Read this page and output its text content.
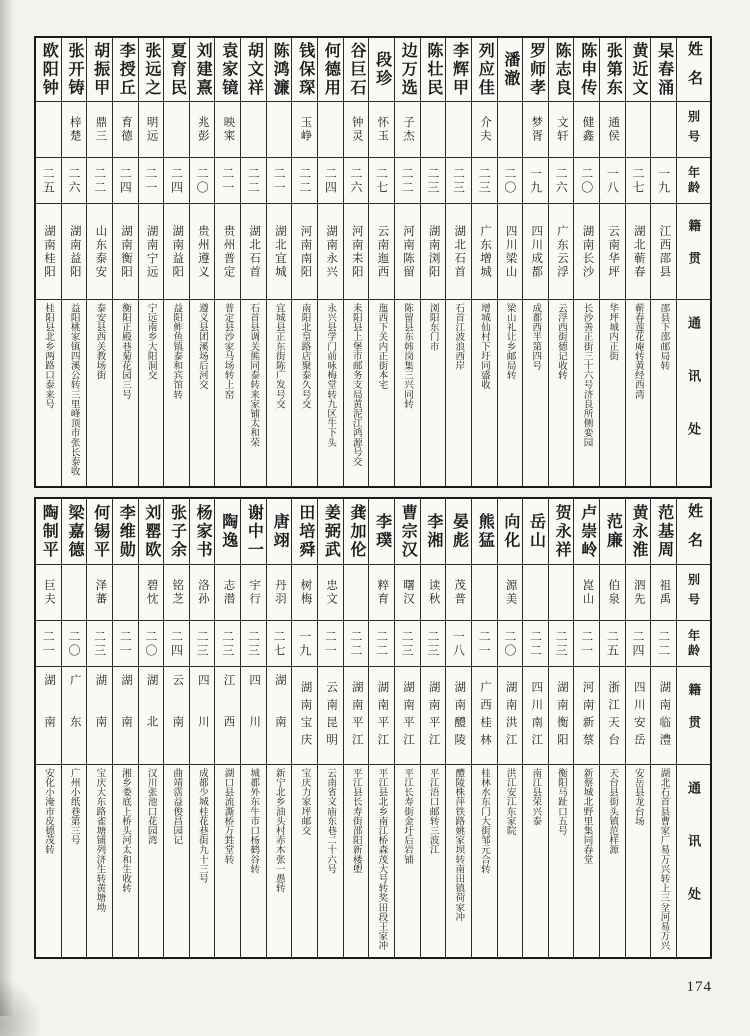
姓名
别号
年龄
籍贯
通讯处
杲春涌
一九
江西邵县
邵县下邵邮局转
黄近文
二七
湖北蕲春
蕲春莲花庵转黄经西湾
张第东
通侯
一八
云南华坪
华坪城内正街
陈申传
健鑫
二〇
湖南长沙
长沙善正街三十六号济良所侧娈园
陈志良
文轩
二六
广东云浮
云浮西街德记收转
罗师孝
梦胥
一九
四川成都
成都西半第四号
潘澈
二〇
四川梁山
梁山礼让乡邮局转
列应佳
介夫
二三
广东增城
增城仙村下圩同盛收
李辉甲
二三
湖北石首
石首江波浪西岸
陈壮民
二三
湖南浏阳
浏阳东门市
边万选
子杰
二二
河南陈留
陈留县东韩岗集三兴同转
段珍
怀玉
二七
云南迤西
迤西下关内正街本宅
谷巨石
钟灵
二六
河南耒阳
耒阳县上堡市邮务支局黄泥江鸿源号交
何德用
二四
湖南永兴
永兴县学门前咏梅堂转九区牛下头
钱保琛
玉峥
二二
河南南阳
南阳北皇路店聚泰久号交
陈鸿濂
二一
湖北宜城
宜城县正东街陈广发号交
胡文祥
二二
湖北石首
石首县调关熊同泰转来家铺太和荣
袁家镜
映宷
二一
贵州普定
普定县沙家马场转上窑
刘建熹
兆彭
二〇
贵州遵义
遵义县团溪场后河交
夏育民
二四
湖南益阳
益阳鲊鱼镇泰和宾馆转
张远之
明远
二一
湖南宁远
宁远南乡大阳洞交
李授丘
育德
二四
湖南衡阳
衡阳正殿巷菊花园三号
胡振甲
鼎三
二二
山东泰安
泰安县西关教场街
张开铸
梓楚
二六
湖南益阳
益阳桃家镇四溪公转三里峰顶市张长泰收
欧阳钟
二五
湖南桂阳
桂阳县北乡两路口泰来号
姓名
别号
年龄
籍贯
通讯处
范基周
祖禹
二二
湖南临澧
湖北石首县曹家厂易万兴转上三坌河易万兴
黄永淮
泗先
二四
四川安岳
安岳县龙台场
范廉
伯泉
二五
浙江天台
天台县街头镇范样源
卢崇岭
崑山
二一
河南新蔡
新蔡城北野里集同春堂
贺永祥
二三
湖南衡阳
衡阳马趾口五号
岳山
二二
四川南江
南江县荣兴泰
向化
源美
二〇
湖南洪江
洪江安江东家院
熊猛
二一
广西桂林
桂林水东门大街邹元合转
晏彪
茂普
一八
湖南醴陵
醴陵株萍铁路姚家坝转南田镇荷家冲
李湘
读秋
二三
湖南平江
平江浯口邮转三波江
曹宗汉
曙汉
二三
湖南平江
平江长寿街金圩后岩铺
李璞
粹育
二二
湖南平江
平江县北乡南江桥森茂大号转奖田段王家冲
龚加伦
二二
湖南平江
平江县长寿街邵阳新楼塱
姜弼武
忠文
二一
云南昆明
云南省文庙东巷二十六号
田培舜
树梅
一九
湖南宝庆
宝庆力家坪邮交
唐翊
丹羽
二七
湖南
新宁北乡油头村赤木张一愚转
谢中一
宇行
二三
四川
城都外东牛市口杨鹤谷转
陶逸
志潜
二三
江西
湖口县流澌桥万甡堂转
杨家书
洛孙
二三
四川
成都少城桂花巷街九十三号
张子余
铭芝
二四
云南
曲靖霑益俊昌园记
刘罂欧
碧忱
二〇
湖北
汉川张池口花园湾
李维勋
二一
湖南
湘乡娄底上桥头河太和生收转
何锡平
泽蕃
二三
湖南
宝庆大东路雀塘铺列济生转黄塘坳
梁嘉德
二〇
广东
广州小纸巷第三号
陶制平
巨夫
二一
湖南
安化小淹市皮德茂转
174
